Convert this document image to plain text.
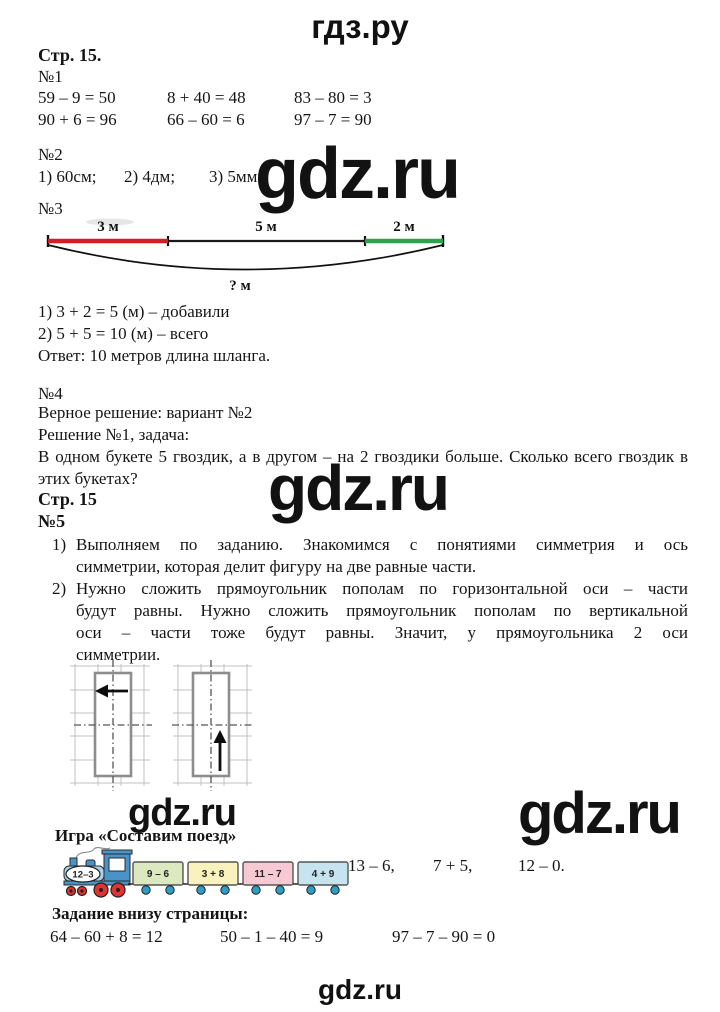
гдз.ру
Стр. 15.
№1
59 – 9 = 50	8 + 40 = 48	83 – 80 = 3
90 + 6 = 96	66 – 60 = 6	97 – 7 = 90
№2
1) 60см; 2) 4дм; 3) 5мм
gdz.ru
№3
3 м	5 м	2 м
? м
1) 3 + 2 = 5 (м) – добавили
2) 5 + 5 = 10 (м) – всего
Ответ: 10 метров длина шланга.
№4
Верное решение: вариант №2
Решение №1, задача:
В одном букете 5 гвоздик, а в другом – на 2 гвоздики больше. Сколько всего гвоздик в
этих букетах? gdz.ru
Стр. 15
№5
1) Выполняем по заданию. Знакомимся с понятиями симметрия и ось
симметрии, которая делит фигуру на две равные части.
2) Нужно сложить прямоугольник пополам по горизонтальной оси – части
будут равны. Нужно сложить прямоугольник пополам по вертикальной
оси – части тоже будут равны. Значит, у прямоугольника 2 оси
симметрии.
gdz.ru	gdz.ru
Игра «Составим поезд»
12–3	9 – 6	3 + 8	11 – 7	4 + 9 13 – 6, 7 + 5,	12 – 0.
Задание внизу страницы:
64 – 60 + 8 = 12	50 – 1 – 40 = 9	97 – 7 – 90 = 0
gdz.ru
